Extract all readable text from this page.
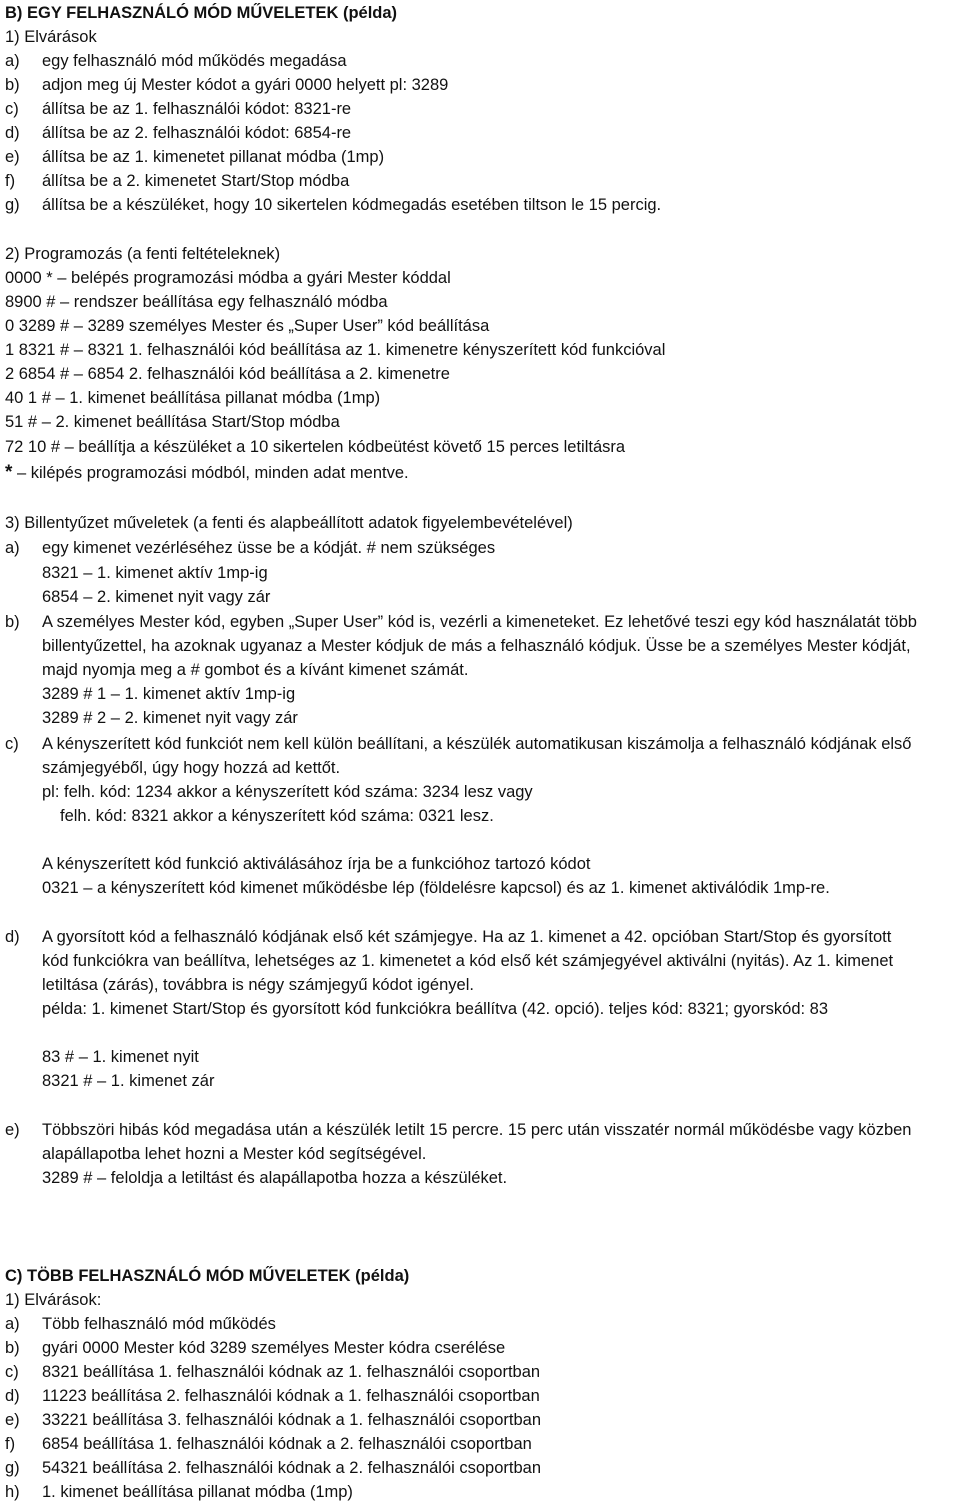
B) EGY FELHASZNÁLÓ MÓD MŰVELETEK (példa)
1) Elvárások
a) egy felhasználó mód működés megadása
b) adjon meg új Mester kódot a gyári 0000 helyett pl: 3289
c) állítsa be az 1. felhasználói kódot: 8321-re
d) állítsa be az 2. felhasználói kódot: 6854-re
e) állítsa be az 1. kimenetet pillanat módba (1mp)
f) állítsa be a 2. kimenetet Start/Stop módba
g) állítsa be a készüléket, hogy 10 sikertelen kódmegadás esetében tiltson le 15 percig.
2) Programozás (a fenti feltételeknek)
0000 * – belépés programozási módba a gyári Mester kóddal
8900 # – rendszer beállítása egy felhasználó módba
0 3289 # – 3289 személyes Mester és „Super User” kód beállítása
1 8321 # – 8321 1. felhasználói kód beállítása az 1. kimenetre kényszerített kód funkcióval
2 6854 # – 6854 2. felhasználói kód beállítása a 2. kimenetre
40 1 # – 1. kimenet beállítása pillanat módba (1mp)
51 # – 2. kimenet beállítása Start/Stop módba
72 10 # – beállítja a készüléket a 10 sikertelen kódbeütést követő 15 perces letiltásra
* – kilépés programozási módból, minden adat mentve.
3) Billentyűzet műveletek (a fenti és alapbeállított adatok figyelembevételével)
a) egy kimenet vezérléséhez üsse be a kódját. # nem szükséges
8321 – 1. kimenet aktív 1mp-ig
6854 – 2. kimenet nyit vagy zár
b) A személyes Mester kód, egyben „Super User” kód is, vezérli a kimeneteket. Ez lehetővé teszi egy kód használatát több
billentyűzettel, ha azoknak ugyanaz a Mester kódjuk de más a felhasználó kódjuk. Üsse be a személyes Mester kódját,
majd nyomja meg a # gombot és a kívánt kimenet számát.
3289 # 1 – 1. kimenet aktív 1mp-ig
3289 # 2 – 2. kimenet nyit vagy zár
c) A kényszerített kód funkciót nem kell külön beállítani, a készülék automatikusan kiszámolja a felhasználó kódjának első
számjegyéből, úgy hogy hozzá ad kettőt.
pl: felh. kód: 1234 akkor a kényszerített kód száma: 3234 lesz vagy
felh. kód: 8321 akkor a kényszerített kód száma: 0321 lesz.
A kényszerített kód funkció aktiválásához írja be a funkcióhoz tartozó kódot
0321 – a kényszerített kód kimenet működésbe lép (földelésre kapcsol) és az 1. kimenet aktiválódik 1mp-re.
d) A gyorsított kód a felhasználó kódjának első két számjegye. Ha az 1. kimenet a 42. opcióban Start/Stop és gyorsított
kód funkciókra van beállítva, lehetséges az 1. kimenetet a kód első két számjegyével aktiválni (nyitás). Az 1. kimenet
letiltása (zárás), továbbra is négy számjegyű kódot igényel.
példa: 1. kimenet Start/Stop és gyorsított kód funkciókra beállítva (42. opció). teljes kód: 8321; gyorskód: 83
83 # – 1. kimenet nyit
8321 # – 1. kimenet zár
e) Többszöri hibás kód megadása után a készülék letilt 15 percre. 15 perc után visszatér normál működésbe vagy közben
alapállapotba lehet hozni a Mester kód segítségével.
3289 # – feloldja a letiltást és alapállapotba hozza a készüléket.
C) TÖBB FELHASZNÁLÓ MÓD MŰVELETEK (példa)
1) Elvárások:
a) Több felhasználó mód működés
b) gyári 0000 Mester kód 3289 személyes Mester kódra cserélése
c) 8321 beállítása 1. felhasználói kódnak az 1. felhasználói csoportban
d) 11223 beállítása 2. felhasználói kódnak a 1. felhasználói csoportban
e) 33221 beállítása 3. felhasználói kódnak a 1. felhasználói csoportban
f) 6854 beállítása 1. felhasználói kódnak a 2. felhasználói csoportban
g) 54321 beállítása 2. felhasználói kódnak a 2. felhasználói csoportban
h) 1. kimenet beállítása pillanat módba (1mp)
